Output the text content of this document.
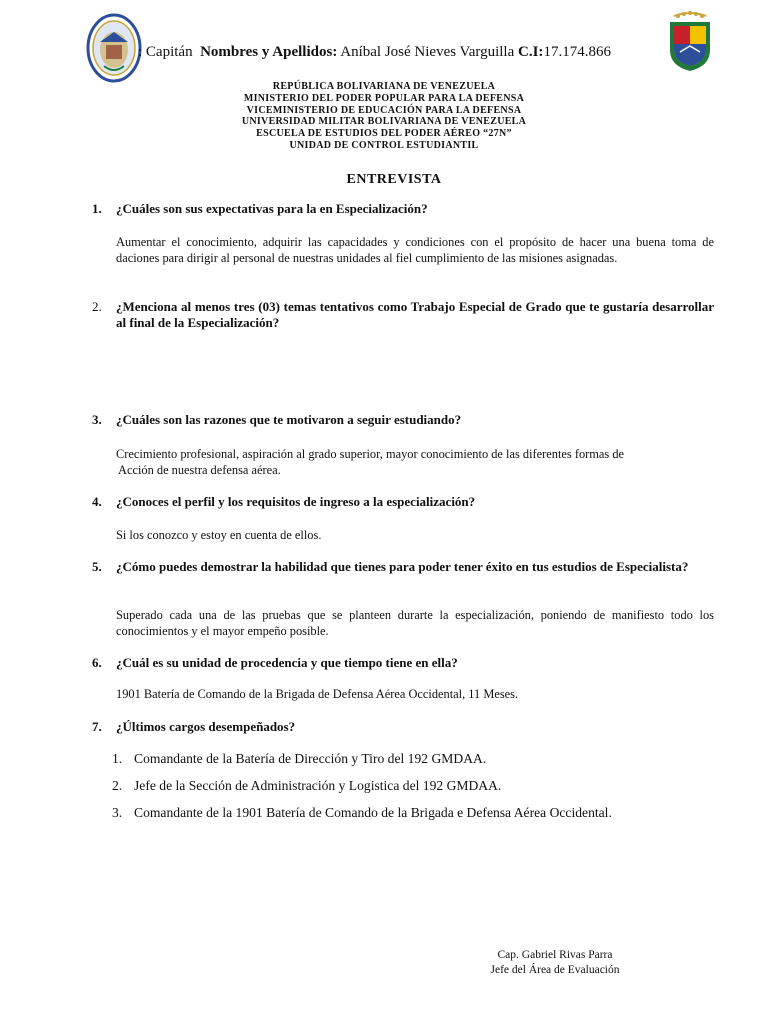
: Capitán Nombres y Apellidos: Aníbal José Nieves Varguilla C.I:17.174.866
REPÚBLICA BOLIVARIANA DE VENEZUELA
MINISTERIO DEL PODER POPULAR PARA LA DEFENSA
VICEMINISTERIO DE EDUCACIÓN PARA LA DEFENSA
UNIVERSIDAD MILITAR BOLIVARIANA DE VENEZUELA
ESCUELA DE ESTUDIOS DEL PODER AÉREO “27N”
UNIDAD DE CONTROL ESTUDIANTIL
ENTREVISTA
1.	¿Cuáles son sus expectativas para la en Especialización?
Aumentar el conocimiento, adquirir las capacidades y condiciones con el propósito de hacer una buena toma de daciones para dirigir al personal de nuestras unidades al fiel cumplimiento de las misiones asignadas.
2.	¿Menciona al menos tres (03) temas tentativos como Trabajo Especial de Grado que te gustaría desarrollar al final de la Especialización?
3.	¿Cuáles son las razones que te motivaron a seguir estudiando?
Crecimiento profesional, aspiración al grado superior, mayor conocimiento de las diferentes formas de
Acción de nuestra defensa aérea.
4.	¿Conoces el perfil y los requisitos de ingreso a la especialización?
Si los conozco y estoy en cuenta de ellos.
5.	¿Cómo puedes demostrar la habilidad que tienes para poder tener éxito en tus estudios de Especialista?
Superado cada una de las pruebas que se planteen durarte la especialización, poniendo de manifiesto todo los conocimientos y el mayor empeño posible.
6.	¿Cuál es su unidad de procedencia y que tiempo tiene en ella?
1901 Batería de Comando de la Brigada de Defensa Aérea Occidental, 11 Meses.
7.	¿Últimos cargos desempeñados?
1. Comandante de la Batería de Dirección y Tiro del 192 GMDAA.
2. Jefe de la Sección de Administración y Logistica del 192 GMDAA.
3. Comandante de la 1901 Batería de Comando de la Brigada e Defensa Aérea Occidental.
Cap. Gabriel Rivas Parra
Jefe del Área de Evaluación
